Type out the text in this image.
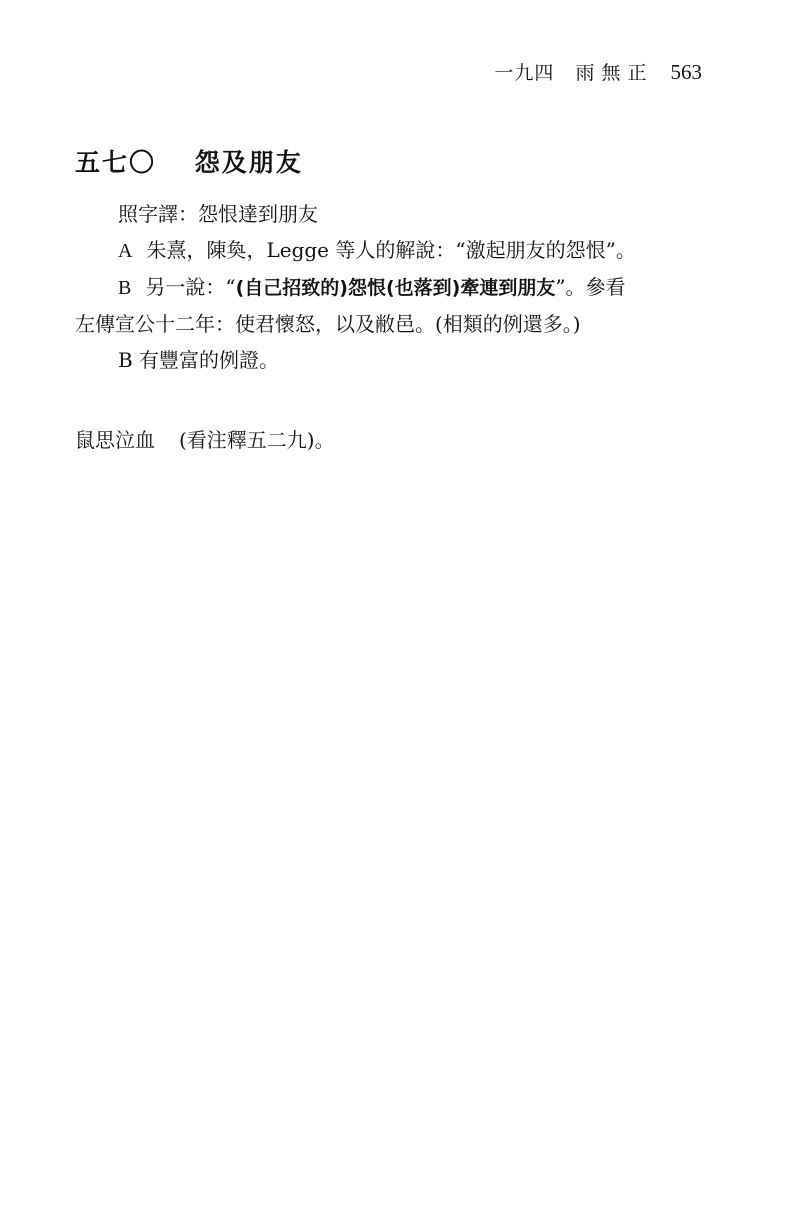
一九四 雨無正 563
五七〇 怨及朋友

照字譯：怨恨達到朋友

A 朱熹，陳奐，Legge 等人的解說：“激起朋友的怨恨”。

B 另一說：“(自己招致的)怨恨(也落到)牽連到朋友”。參看

左傳宣公十二年：使君懷怒，以及敝邑。(相類的例還多。)

B 有豐富的例證。

鼠思泣血 (看注釋五二九)。
